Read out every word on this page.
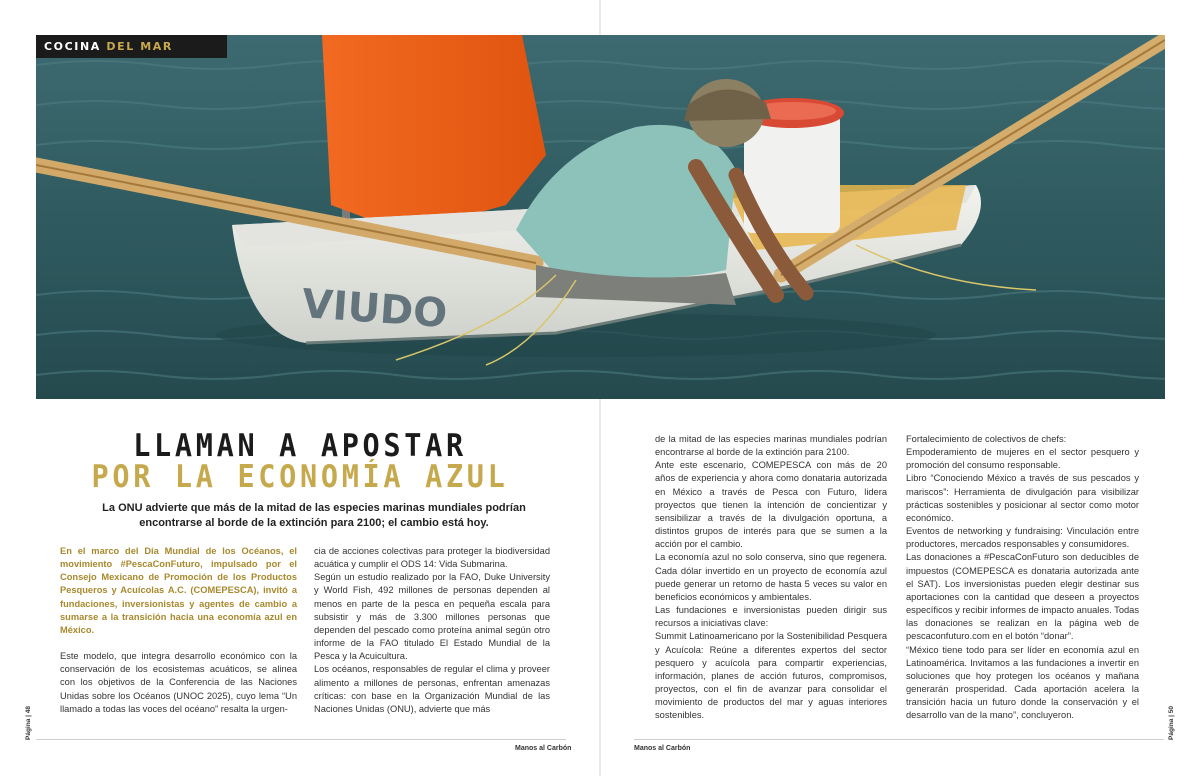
VIUDO
COCINA DEL MAR
LLAMAN A APOSTAR
POR LA ECONOMÍA AZUL
La ONU advierte que más de la mitad de las especies marinas mundiales podrían encontrarse al borde de la extinción para 2100; el cambio está hoy.

En el marco del Día Mundial de los Océanos, el movimiento #PescaConFuturo, impulsado por el Consejo Mexicano de Promoción de los Productos Pesqueros y Acuícolas A.C. (COMEPESCA), invitó a fundaciones, inversionistas y agentes de cambio a sumarse a la transición hacia una economía azul en México.

Este modelo, que integra desarrollo económico con la conservación de los ecosistemas acuáticos, se alinea con los objetivos de la Conferencia de las Naciones Unidas sobre los Océanos (UNOC 2025), cuyo lema “Un llamado a todas las voces del océano” resalta la urgen-

cia de acciones colectivas para proteger la biodiversidad acuática y cumplir el ODS 14: Vida Submarina.

Según un estudio realizado por la FAO, Duke University y World Fish, 492 millones de personas dependen al menos en parte de la pesca en pequeña escala para subsistir y más de 3.300 millones personas que dependen del pescado como proteína animal según otro informe de la FAO titulado El Estado Mundial de la Pesca y la Acuicultura.

Los océanos, responsables de regular el clima y proveer alimento a millones de personas, enfrentan amenazas críticas: con base en la Organización Mundial de las Naciones Unidas (ONU), advierte que más

de la mitad de las especies marinas mundiales podrían encontrarse al borde de la extinción para 2100.

Ante este escenario, COMEPESCA con más de 20 años de experiencia y ahora como donataria autorizada en México a través de Pesca con Futuro, lidera proyectos que tienen la intención de concientizar y sensibilizar a través de la divulgación oportuna, a distintos grupos de interés para que se sumen a la acción por el cambio.

La economía azul no solo conserva, sino que regenera. Cada dólar invertido en un proyecto de economía azul puede generar un retorno de hasta 5 veces su valor en beneficios económicos y ambientales.

Las fundaciones e inversionistas pueden dirigir sus recursos a iniciativas clave:

Summit Latinoamericano por la Sostenibilidad Pesquera y Acuícola: Reúne a diferentes expertos del sector pesquero y acuícola para compartir experiencias, información, planes de acción futuros, compromisos, proyectos, con el fin de avanzar para consolidar el movimiento de productos del mar y aguas interiores sostenibles.

Fortalecimiento de colectivos de chefs:

Empoderamiento de mujeres en el sector pesquero y promoción del consumo responsable.

Libro “Conociendo México a través de sus pescados y mariscos”: Herramienta de divulgación para visibilizar prácticas sostenibles y posicionar al sector como motor económico.

Eventos de networking y fundraising: Vinculación entre productores, mercados responsables y consumidores.

Las donaciones a #PescaConFuturo son deducibles de impuestos (COMEPESCA es donataria autorizada ante el SAT). Los inversionistas pueden elegir destinar sus aportaciones con la cantidad que deseen a proyectos específicos y recibir informes de impacto anuales. Todas las donaciones se realizan en la página web de pescaconfuturo.com en el botón “donar”.

“México tiene todo para ser líder en economía azul en Latinoamérica. Invitamos a las fundaciones a invertir en soluciones que hoy protegen los océanos y mañana generarán prosperidad. Cada aportación acelera la transición hacia un futuro donde la conservación y el desarrollo van de la mano”, concluyeron.

Manos al Carbón	Manos al Carbón
Página | 48	Página | 50
